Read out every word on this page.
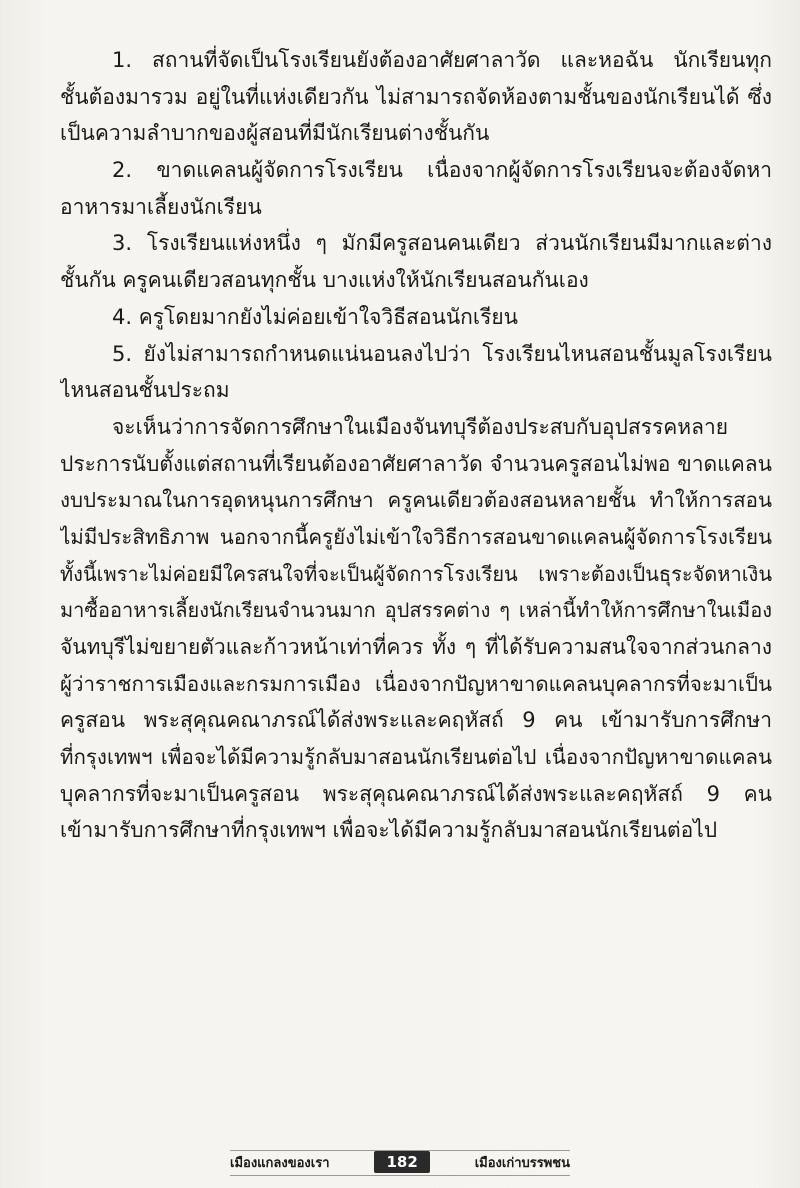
1. สถานที่จัดเป็นโรงเรียนยังต้องอาศัยศาลาวัด และหอฉัน นักเรียนทุก
ชั้นต้องมารวม อยู่ในที่แห่งเดียวกัน ไม่สามารถจัดห้องตามชั้นของนักเรียนได้ ซึ่ง
เป็นความลำบากของผู้สอนที่มีนักเรียนต่างชั้นกัน
2. ขาดแคลนผู้จัดการโรงเรียน เนื่องจากผู้จัดการโรงเรียนจะต้องจัดหา
อาหารมาเลี้ยงนักเรียน
3. โรงเรียนแห่งหนึ่ง ๆ มักมีครูสอนคนเดียว ส่วนนักเรียนมีมากและต่าง
ชั้นกัน ครูคนเดียวสอนทุกชั้น บางแห่งให้นักเรียนสอนกันเอง
4. ครูโดยมากยังไม่ค่อยเข้าใจวิธีสอนนักเรียน
5. ยังไม่สามารถกำหนดแน่นอนลงไปว่า โรงเรียนไหนสอนชั้นมูลโรงเรียน
ไหนสอนชั้นประถม
จะเห็นว่าการจัดการศึกษาในเมืองจันทบุรีต้องประสบกับอุปสรรคหลาย
ประการนับตั้งแต่สถานที่เรียนต้องอาศัยศาลาวัด จำนวนครูสอนไม่พอ ขาดแคลน
งบประมาณในการอุดหนุนการศึกษา ครูคนเดียวต้องสอนหลายชั้น ทำให้การสอน
ไม่มีประสิทธิภาพ นอกจากนี้ครูยังไม่เข้าใจวิธีการสอนขาดแคลนผู้จัดการโรงเรียน
ทั้งนี้เพราะไม่ค่อยมีใครสนใจที่จะเป็นผู้จัดการโรงเรียน เพราะต้องเป็นธุระจัดหาเงิน
มาซื้ออาหารเลี้ยงนักเรียนจำนวนมาก อุปสรรคต่าง ๆ เหล่านี้ทำให้การศึกษาในเมือง
จันทบุรีไม่ขยายตัวและก้าวหน้าเท่าที่ควร ทั้ง ๆ ที่ได้รับความสนใจจากส่วนกลาง
ผู้ว่าราชการเมืองและกรมการเมือง เนื่องจากปัญหาขาดแคลนบุคลากรที่จะมาเป็น
ครูสอน พระสุคุณคณาภรณ์ได้ส่งพระและคฤหัสถ์ 9 คน เข้ามารับการศึกษา
ที่กรุงเทพฯ เพื่อจะได้มีความรู้กลับมาสอนนักเรียนต่อไป เนื่องจากปัญหาขาดแคลน
บุคลากรที่จะมาเป็นครูสอน พระสุคุณคณาภรณ์ได้ส่งพระและคฤหัสถ์ 9 คน
เข้ามารับการศึกษาที่กรุงเทพฯ เพื่อจะได้มีความรู้กลับมาสอนนักเรียนต่อไป
เมืองแกลงของเรา	182	เมืองเก่าบรรพชน
